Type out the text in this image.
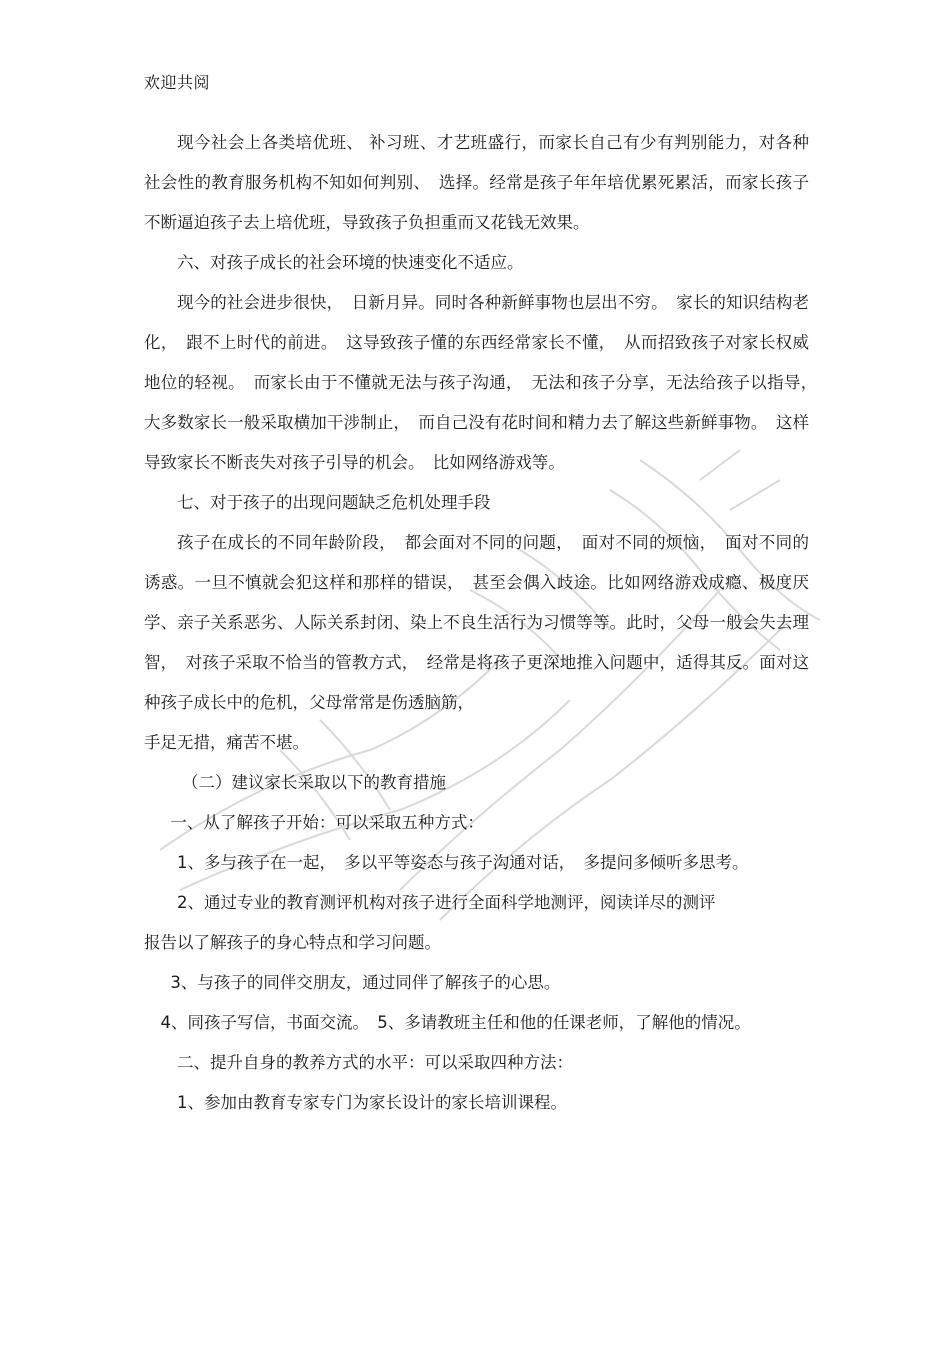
欢迎共阅

现今社会上各类培优班、 补习班、才艺班盛行，而家长自己有少有判别能力，对各种社会性的教育服务机构不知如何判别、　选择。经常是孩子年年培优累死累活，而家长孩子不断逼迫孩子去上培优班，导致孩子负担重而又花钱无效果。

六、对孩子成长的社会环境的快速变化不适应。

现今的社会进步很快，　日新月异。同时各种新鲜事物也层出不穷。　家长的知识结构老化，　跟不上时代的前进。　这导致孩子懂的东西经常家长不懂，　从而招致孩子对家长权威地位的轻视。　而家长由于不懂就无法与孩子沟通，　无法和孩子分享，无法给孩子以指导，　大多数家长一般采取横加干涉制止，　而自己没有花时间和精力去了解这些新鲜事物。　这样导致家长不断丧失对孩子引导的机会。　比如网络游戏等。

七、对于孩子的出现问题缺乏危机处理手段

孩子在成长的不同年龄阶段，　都会面对不同的问题，　面对不同的烦恼，　面对不同的诱惑。一旦不慎就会犯这样和那样的错误，　甚至会偶入歧途。比如网络游戏成瘾、极度厌学、亲子关系恶劣、人际关系封闭、染上不良生活行为习惯等等。此时，父母一般会失去理智，　对孩子采取不恰当的管教方式，　经常是将孩子更深地推入问题中，适得其反。面对这种孩子成长中的危机，父母常常是伤透脑筋，

手足无措，痛苦不堪。

（二）建议家长采取以下的教育措施

一、从了解孩子开始：可以采取五种方式：

1、多与孩子在一起，　多以平等姿态与孩子沟通对话，　多提问多倾听多思考。

2、通过专业的教育测评机构对孩子进行全面科学地测评，阅读详尽的测评

报告以了解孩子的身心特点和学习问题。

3、与孩子的同伴交朋友，通过同伴了解孩子的心思。

4、同孩子写信，书面交流。　5、多请教班主任和他的任课老师，了解他的情况。

二、提升自身的教养方式的水平：可以采取四种方法：

1、参加由教育专家专门为家长设计的家长培训课程。
